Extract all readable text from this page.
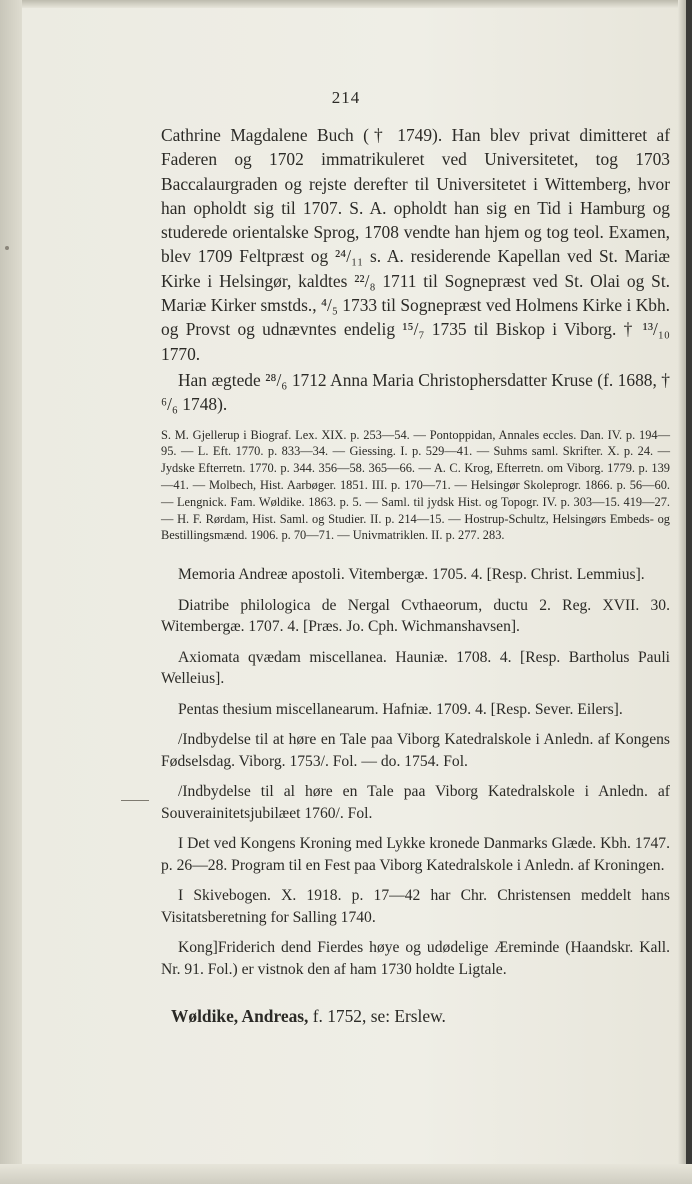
214

Cathrine Magdalene Buch († 1749). Han blev privat dimitteret af Faderen og 1702 immatrikuleret ved Universitetet, tog 1703 Baccalaurgraden og rejste derefter til Universitetet i Wittemberg, hvor han opholdt sig til 1707. S. A. opholdt han sig en Tid i Hamburg og studerede orientalske Sprog, 1708 vendte han hjem og tog teol. Examen, blev 1709 Feltpræst og ²⁴/₁₁ s. A. residerende Kapellan ved St. Mariæ Kirke i Helsingør, kaldtes ²²/₈ 1711 til Sognepræst ved St. Olai og St. Mariæ Kirker smstds., ⁴/₅ 1733 til Sognepræst ved Holmens Kirke i Kbh. og Provst og udnævntes endelig ¹⁵/₇ 1735 til Biskop i Viborg. † ¹³/₁₀ 1770.

Han ægtede ²⁸/₆ 1712 Anna Maria Christophersdatter Kruse (f. 1688, † ⁶/₆ 1748).

S. M. Gjellerup i Biograf. Lex. XIX. p. 253—54. — Pontoppidan, Annales eccles. Dan. IV. p. 194—95. — L. Eft. 1770. p. 833—34. — Giessing. I. p. 529—41. — Suhms saml. Skrifter. X. p. 24. — Jydske Efterretn. 1770. p. 344. 356—58. 365—66. — A. C. Krog, Efterretn. om Viborg. 1779. p. 139—41. — Molbech, Hist. Aarbøger. 1851. III. p. 170—71. — Helsingør Skoleprogr. 1866. p. 56—60. — Lengnick. Fam. Wøldike. 1863. p. 5. — Saml. til jydsk Hist. og Topogr. IV. p. 303—15. 419—27. — H. F. Rørdam, Hist. Saml. og Studier. II. p. 214—15. — Hostrup-Schultz, Helsingørs Embeds- og Bestillingsmænd. 1906. p. 70—71. — Univmatriklen. II. p. 277. 283.

Memoria Andreæ apostoli. Vitembergæ. 1705. 4. [Resp. Christ. Lemmius].

Diatribe philologica de Nergal Cvthaeorum, ductu 2. Reg. XVII. 30. Witembergæ. 1707. 4. [Præs. Jo. Cph. Wichmanshavsen].

Axiomata qvædam miscellanea. Hauniæ. 1708. 4. [Resp. Bartholus Pauli Welleius].

Pentas thesium miscellanearum. Hafniæ. 1709. 4. [Resp. Sever. Eilers].

/Indbydelse til at høre en Tale paa Viborg Katedralskole i Anledn. af Kongens Fødselsdag. Viborg. 1753/. Fol. — do. 1754. Fol.

/Indbydelse til al høre en Tale paa Viborg Katedralskole i Anledn. af Souverainitetsjubilæet 1760/. Fol.

I Det ved Kongens Kroning med Lykke kronede Danmarks Glæde. Kbh. 1747. p. 26—28. Program til en Fest paa Viborg Katedralskole i Anledn. af Kroningen.

I Skivebogen. X. 1918. p. 17—42 har Chr. Christensen meddelt hans Visitatsberetning for Salling 1740.

Kong]Friderich dend Fierdes høye og udødelige Æreminde (Haandskr. Kall. Nr. 91. Fol.) er vistnok den af ham 1730 holdte Ligtale.

Wøldike, Andreas, f. 1752, se: Erslew.
